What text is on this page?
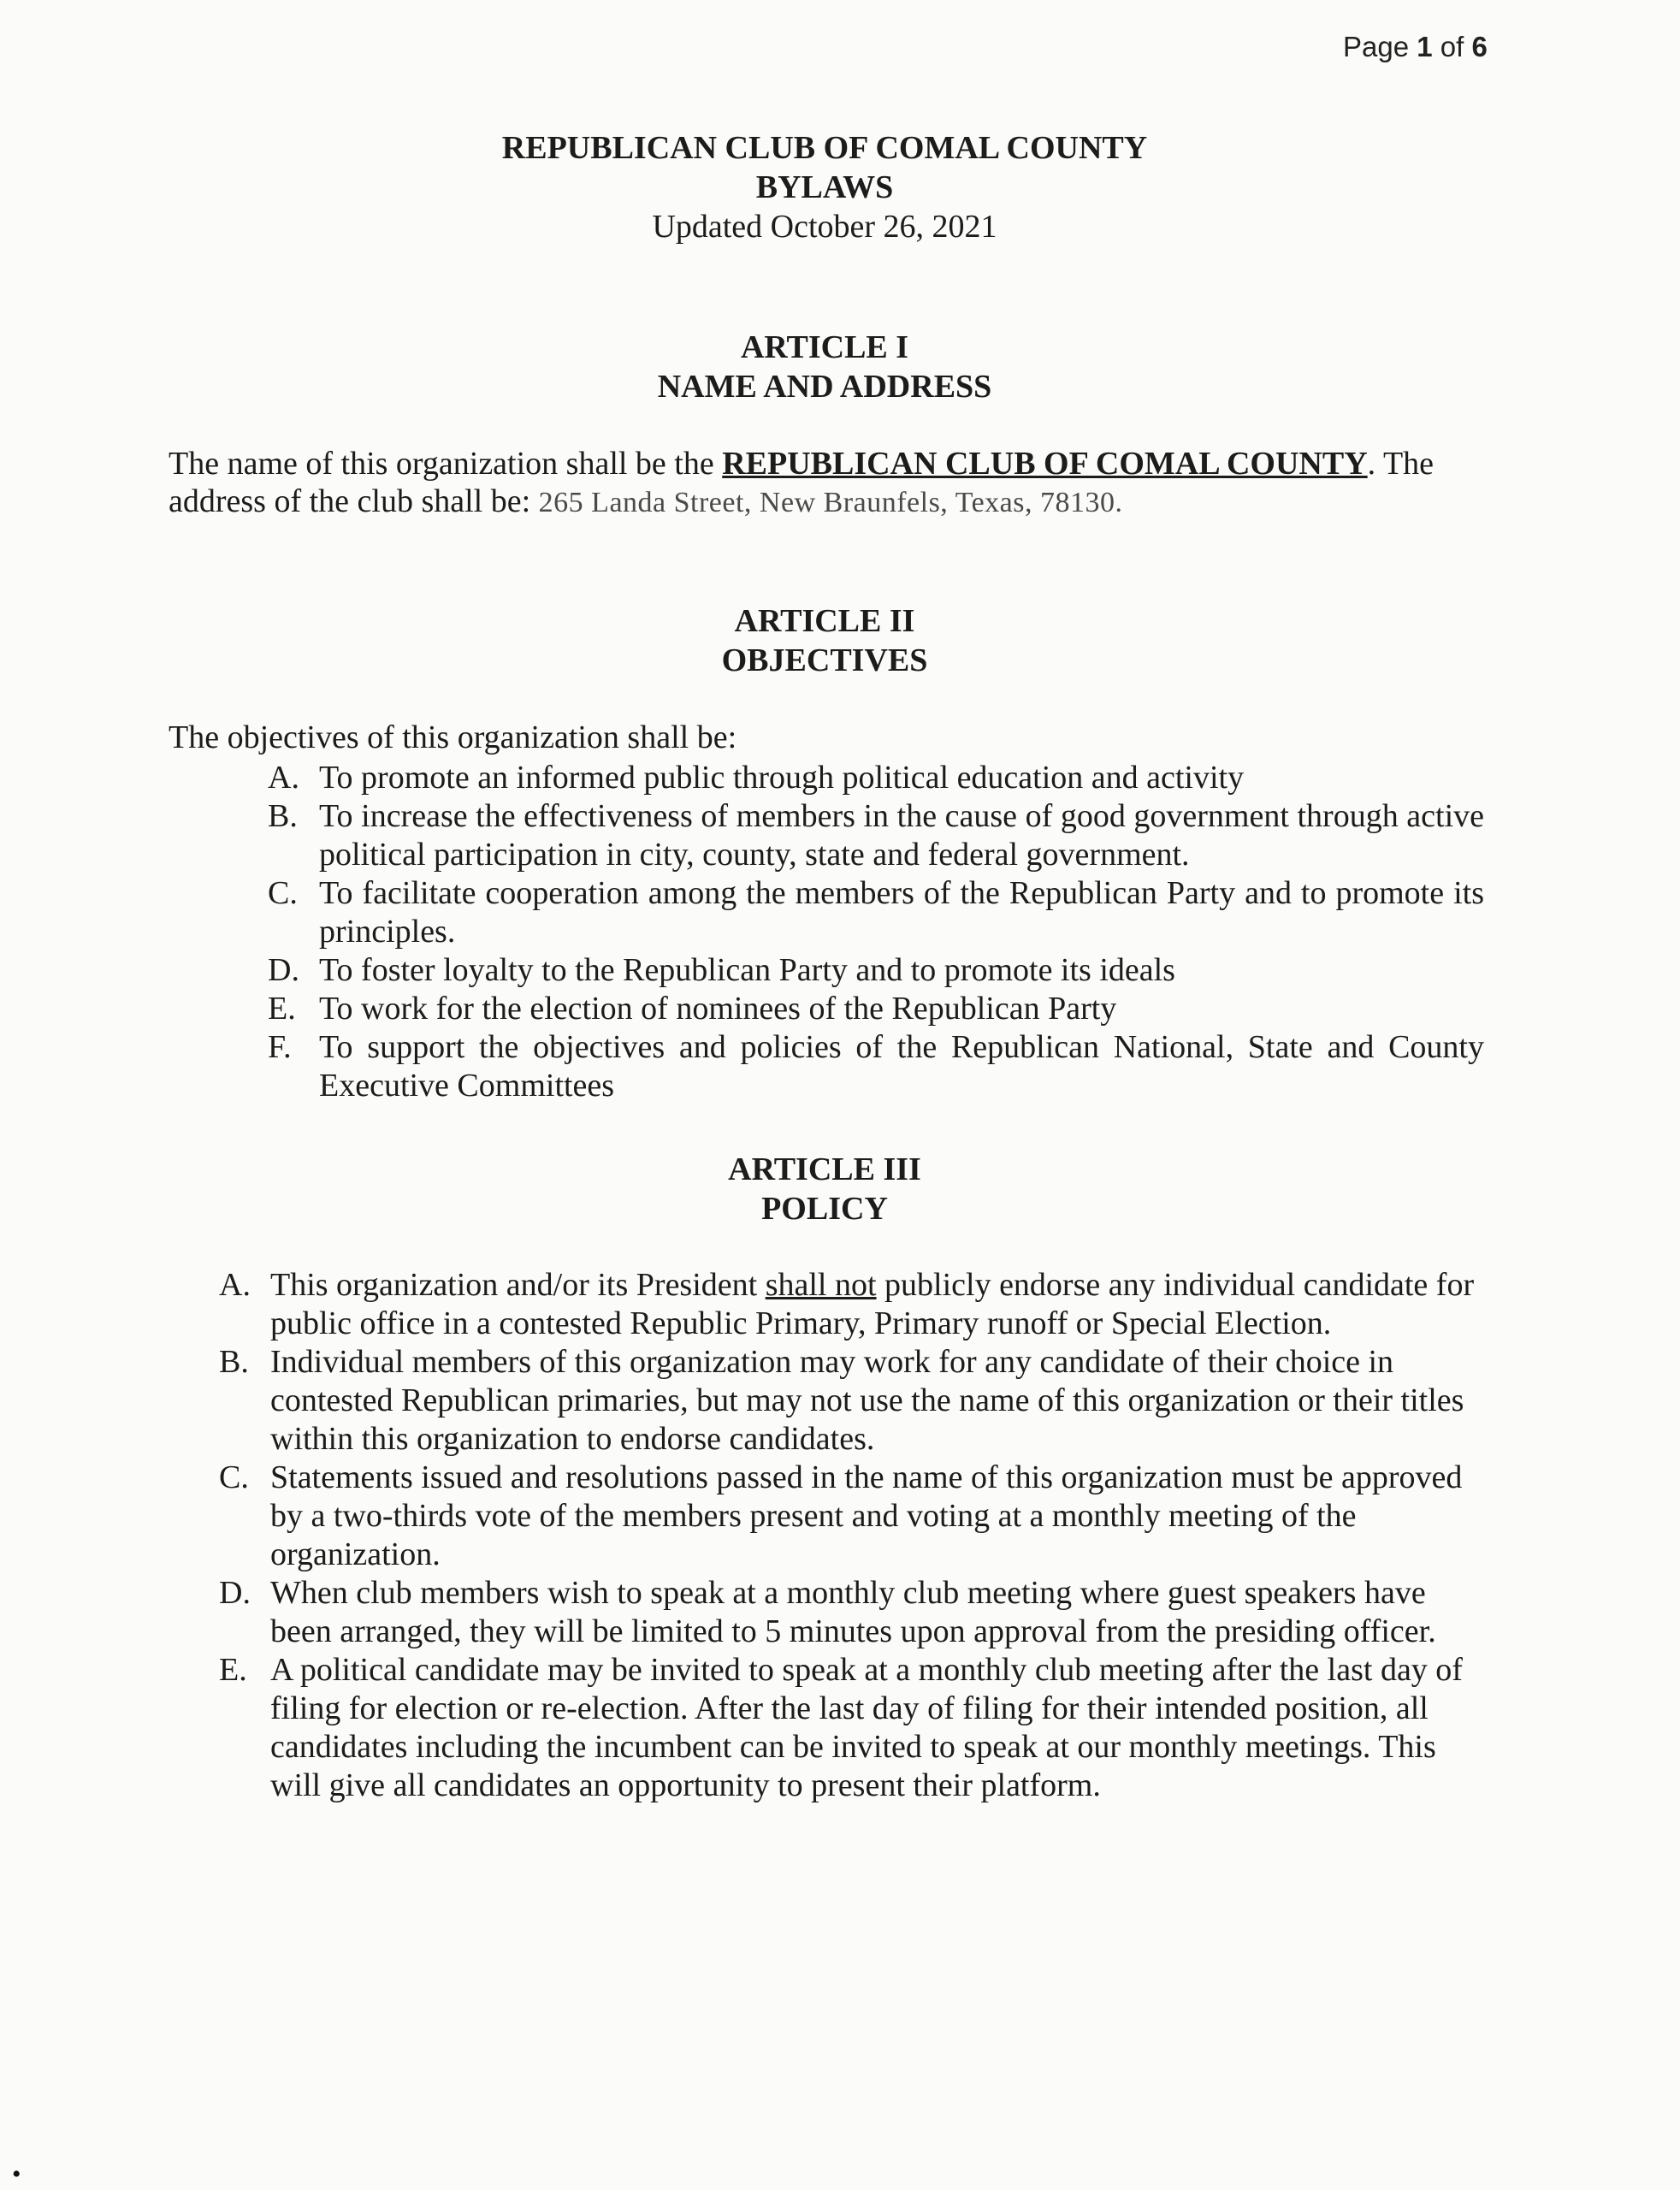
Page 1 of 6
REPUBLICAN CLUB OF COMAL COUNTY
BYLAWS
Updated October 26, 2021
ARTICLE I
NAME AND ADDRESS
The name of this organization shall be the REPUBLICAN CLUB OF COMAL COUNTY. The address of the club shall be: 265 Landa Street, New Braunfels, Texas, 78130.
ARTICLE II
OBJECTIVES
The objectives of this organization shall be:
A. To promote an informed public through political education and activity
B. To increase the effectiveness of members in the cause of good government through active political participation in city, county, state and federal government.
C. To facilitate cooperation among the members of the Republican Party and to promote its principles.
D. To foster loyalty to the Republican Party and to promote its ideals
E. To work for the election of nominees of the Republican Party
F. To support the objectives and policies of the Republican National, State and County Executive Committees
ARTICLE III
POLICY
A. This organization and/or its President shall not publicly endorse any individual candidate for public office in a contested Republic Primary, Primary runoff or Special Election.
B. Individual members of this organization may work for any candidate of their choice in contested Republican primaries, but may not use the name of this organization or their titles within this organization to endorse candidates.
C. Statements issued and resolutions passed in the name of this organization must be approved by a two-thirds vote of the members present and voting at a monthly meeting of the organization.
D. When club members wish to speak at a monthly club meeting where guest speakers have been arranged, they will be limited to 5 minutes upon approval from the presiding officer.
E. A political candidate may be invited to speak at a monthly club meeting after the last day of filing for election or re-election. After the last day of filing for their intended position, all candidates including the incumbent can be invited to speak at our monthly meetings. This will give all candidates an opportunity to present their platform.
•
